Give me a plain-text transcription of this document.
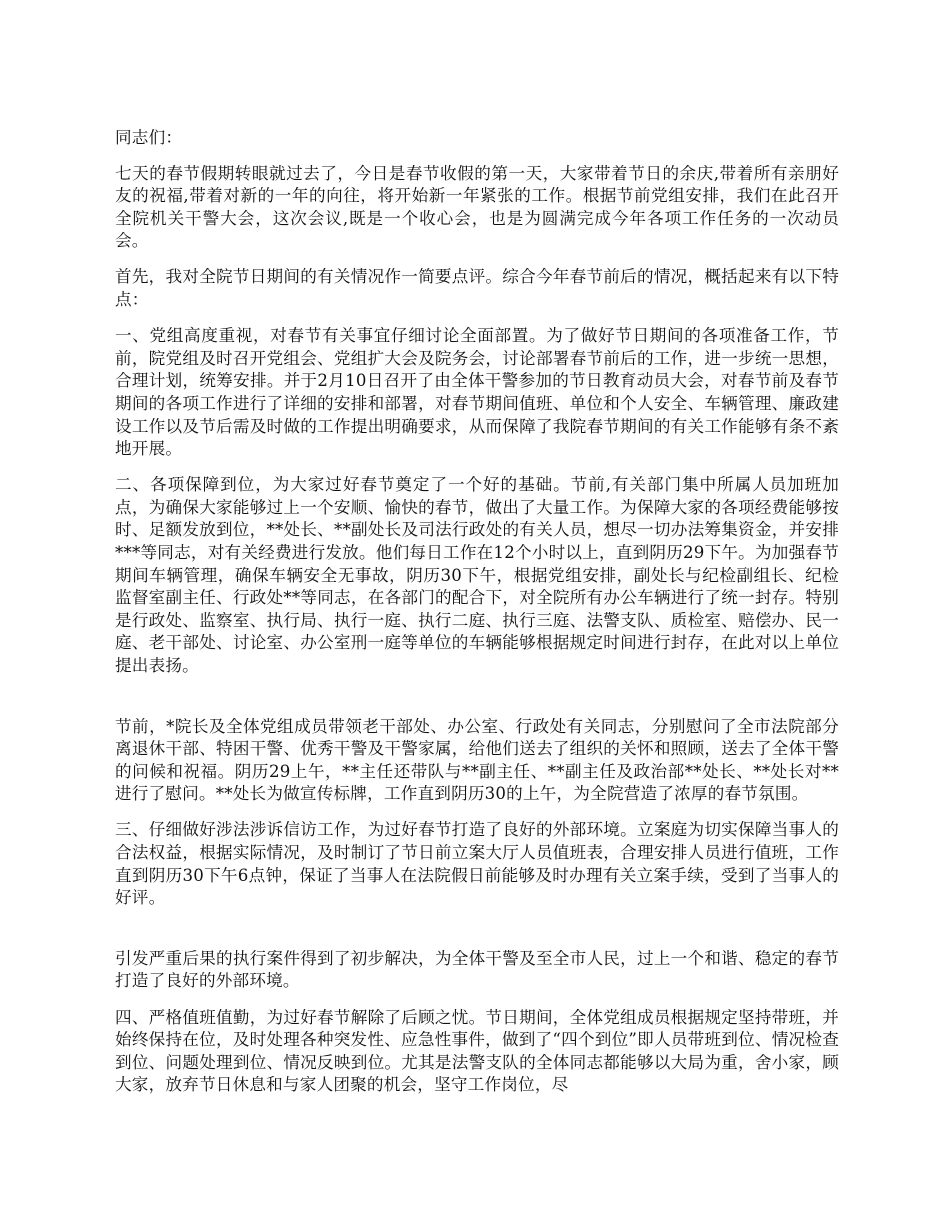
同志们：

七天的春节假期转眼就过去了，今日是春节收假的第一天，大家带着节日的余庆,带着所有亲朋好友的祝福,带着对新的一年的向往，将开始新一年紧张的工作。根据节前党组安排，我们在此召开全院机关干警大会，这次会议,既是一个收心会，也是为圆满完成今年各项工作任务的一次动员会。

首先，我对全院节日期间的有关情况作一简要点评。综合今年春节前后的情况，概括起来有以下特点：

一、党组高度重视，对春节有关事宜仔细讨论全面部置。为了做好节日期间的各项准备工作，节前，院党组及时召开党组会、党组扩大会及院务会，讨论部署春节前后的工作，进一步统一思想，合理计划，统筹安排。并于2月10日召开了由全体干警参加的节日教育动员大会，对春节前及春节期间的各项工作进行了详细的安排和部署，对春节期间值班、单位和个人安全、车辆管理、廉政建设工作以及节后需及时做的工作提出明确要求，从而保障了我院春节期间的有关工作能够有条不紊地开展。

二、各项保障到位，为大家过好春节奠定了一个好的基础。节前,有关部门集中所属人员加班加点，为确保大家能够过上一个安顺、愉快的春节，做出了大量工作。为保障大家的各项经费能够按时、足额发放到位，**处长、**副处长及司法行政处的有关人员，想尽一切办法筹集资金，并安排***等同志，对有关经费进行发放。他们每日工作在12个小时以上，直到阴历29下午。为加强春节期间车辆管理，确保车辆安全无事故，阴历30下午，根据党组安排，副处长与纪检副组长、纪检监督室副主任、行政处**等同志，在各部门的配合下，对全院所有办公车辆进行了统一封存。特别是行政处、监察室、执行局、执行一庭、执行二庭、执行三庭、法警支队、质检室、赔偿办、民一庭、老干部处、讨论室、办公室刑一庭等单位的车辆能够根据规定时间进行封存，在此对以上单位提出表扬。

节前，*院长及全体党组成员带领老干部处、办公室、行政处有关同志，分别慰问了全市法院部分离退休干部、特困干警、优秀干警及干警家属，给他们送去了组织的关怀和照顾，送去了全体干警的问候和祝福。阴历29上午，**主任还带队与**副主任、**副主任及政治部**处长、**处长对**进行了慰问。**处长为做宣传标牌，工作直到阴历30的上午，为全院营造了浓厚的春节氛围。

三、仔细做好涉法涉诉信访工作，为过好春节打造了良好的外部环境。立案庭为切实保障当事人的合法权益，根据实际情况，及时制订了节日前立案大厅人员值班表，合理安排人员进行值班，工作直到阴历30下午6点钟，保证了当事人在法院假日前能够及时办理有关立案手续，受到了当事人的好评。

引发严重后果的执行案件得到了初步解决，为全体干警及至全市人民，过上一个和谐、稳定的春节打造了良好的外部环境。

四、严格值班值勤，为过好春节解除了后顾之忧。节日期间，全体党组成员根据规定坚持带班，并始终保持在位，及时处理各种突发性、应急性事件，做到了“四个到位”即人员带班到位、情况检查到位、问题处理到位、情况反映到位。尤其是法警支队的全体同志都能够以大局为重，舍小家，顾大家，放弃节日休息和与家人团聚的机会，坚守工作岗位，尽
